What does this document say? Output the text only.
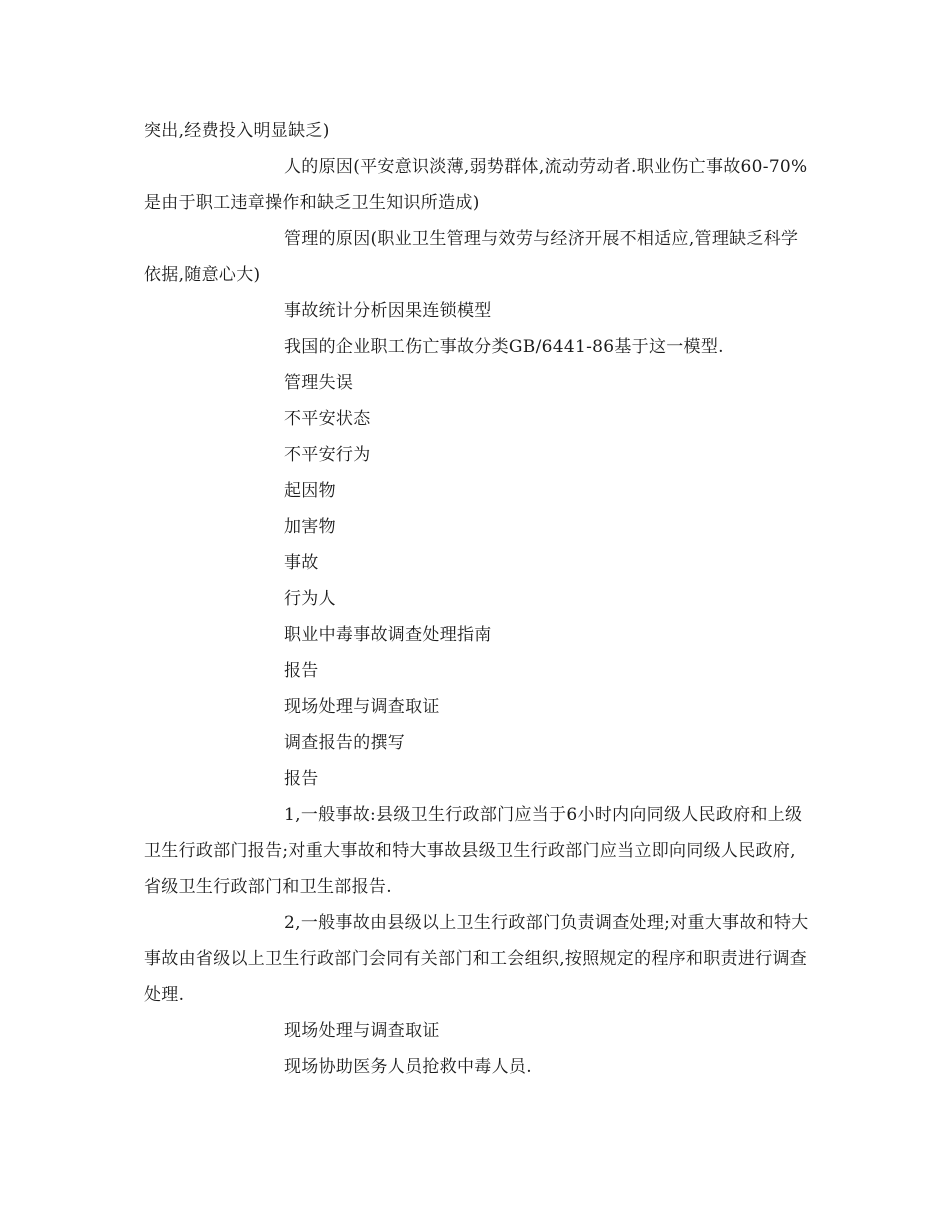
突出,经费投入明显缺乏)

人的原因(平安意识淡薄,弱势群体,流动劳动者.职业伤亡事故60-70%是由于职工违章操作和缺乏卫生知识所造成)

管理的原因(职业卫生管理与效劳与经济开展不相适应,管理缺乏科学依据,随意心大)

事故统计分析因果连锁模型

我国的企业职工伤亡事故分类GB/6441-86基于这一模型.

管理失误

不平安状态

不平安行为

起因物

加害物

事故

行为人

职业中毒事故调查处理指南

报告

现场处理与调查取证

调查报告的撰写

报告

1,一般事故:县级卫生行政部门应当于6小时内向同级人民政府和上级卫生行政部门报告;对重大事故和特大事故县级卫生行政部门应当立即向同级人民政府,省级卫生行政部门和卫生部报告.

2,一般事故由县级以上卫生行政部门负责调查处理;对重大事故和特大事故由省级以上卫生行政部门会同有关部门和工会组织,按照规定的程序和职责进行调查处理.

现场处理与调查取证

现场协助医务人员抢救中毒人员.
